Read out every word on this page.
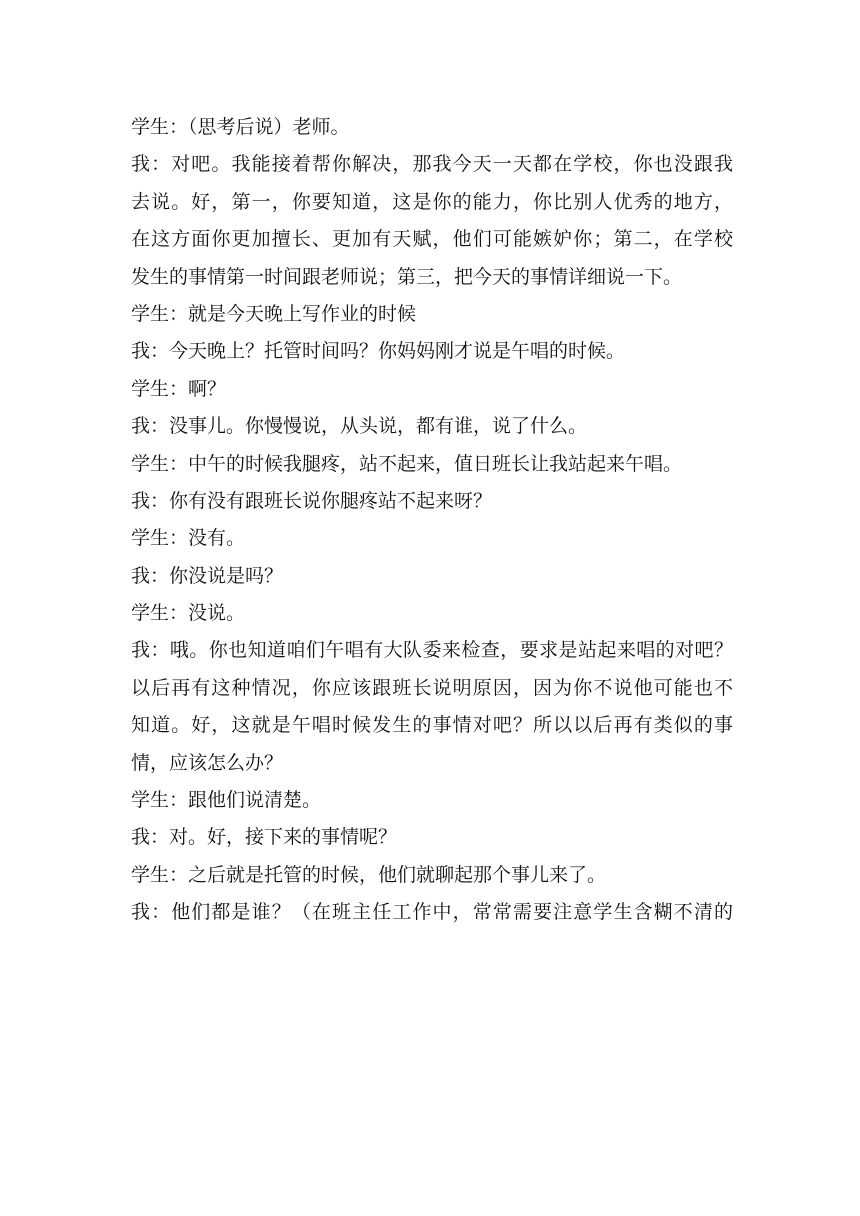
学生：（思考后说）老师。
我：对吧。我能接着帮你解决，那我今天一天都在学校，你也没跟我
去说。好，第一，你要知道，这是你的能力，你比别人优秀的地方，
在这方面你更加擅长、更加有天赋，他们可能嫉妒你；第二，在学校
发生的事情第一时间跟老师说；第三，把今天的事情详细说一下。
学生：就是今天晚上写作业的时候
我：今天晚上？托管时间吗？你妈妈刚才说是午唱的时候。
学生：啊？
我：没事儿。你慢慢说，从头说，都有谁，说了什么。
学生：中午的时候我腿疼，站不起来，值日班长让我站起来午唱。
我：你有没有跟班长说你腿疼站不起来呀？
学生：没有。
我：你没说是吗？
学生：没说。
我：哦。你也知道咱们午唱有大队委来检查，要求是站起来唱的对吧？
以后再有这种情况，你应该跟班长说明原因，因为你不说他可能也不
知道。好，这就是午唱时候发生的事情对吧？所以以后再有类似的事
情，应该怎么办？
学生：跟他们说清楚。
我：对。好，接下来的事情呢？
学生：之后就是托管的时候，他们就聊起那个事儿来了。
我：他们都是谁？（在班主任工作中，常常需要注意学生含糊不清的
